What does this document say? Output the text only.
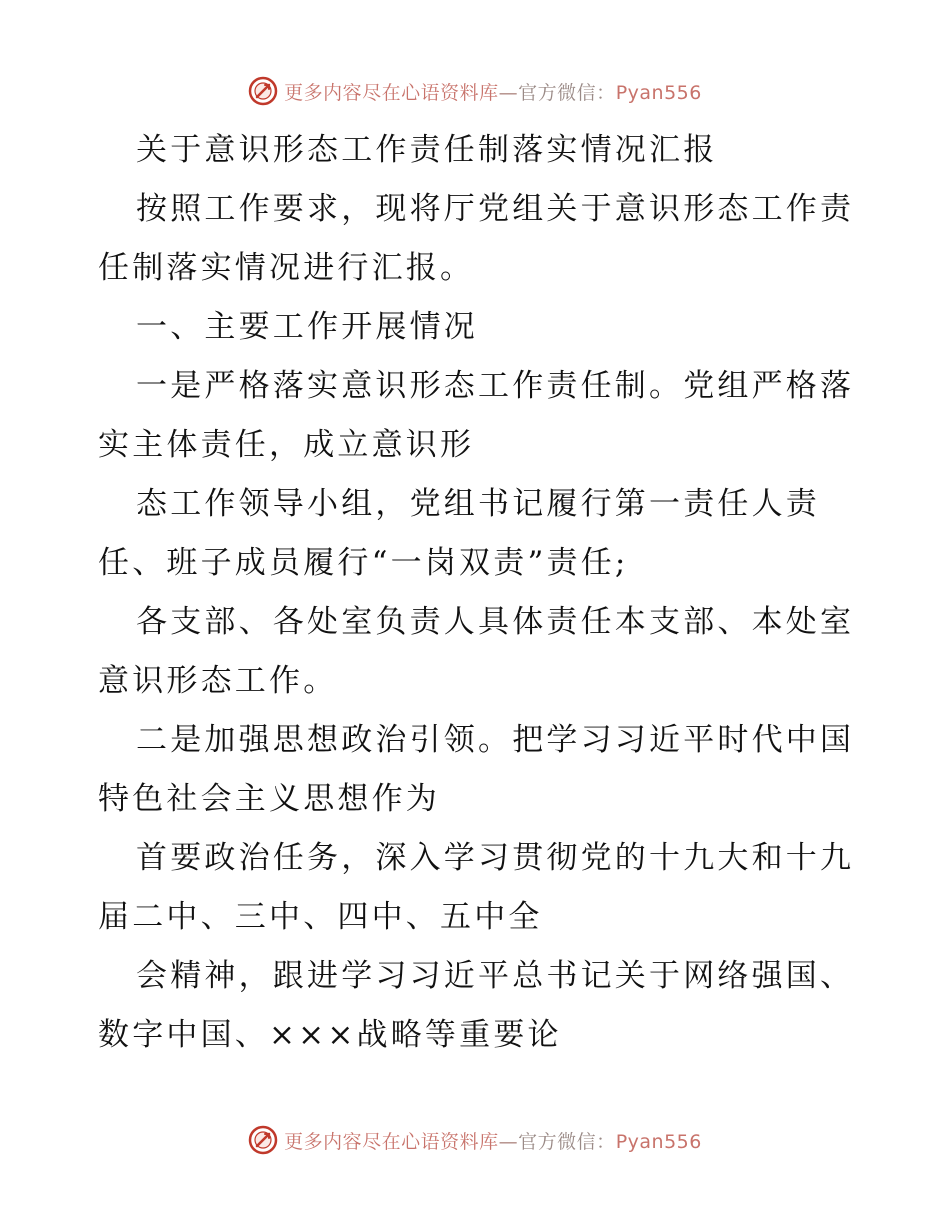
更多内容尽在心语资料库—官方微信：Pyan556
关于意识形态工作责任制落实情况汇报
按照工作要求，现将厅党组关于意识形态工作责
任制落实情况进行汇报。
一、主要工作开展情况
一是严格落实意识形态工作责任制。党组严格落
实主体责任，成立意识形
态工作领导小组，党组书记履行第一责任人责
任、班子成员履行“一岗双责”责任;
各支部、各处室负责人具体责任本支部、本处室
意识形态工作。
二是加强思想政治引领。把学习习近平时代中国
特色社会主义思想作为
首要政治任务，深入学习贯彻党的十九大和十九
届二中、三中、四中、五中全
会精神，跟进学习习近平总书记关于网络强国、
数字中国、×××战略等重要论
更多内容尽在心语资料库—官方微信：Pyan556
